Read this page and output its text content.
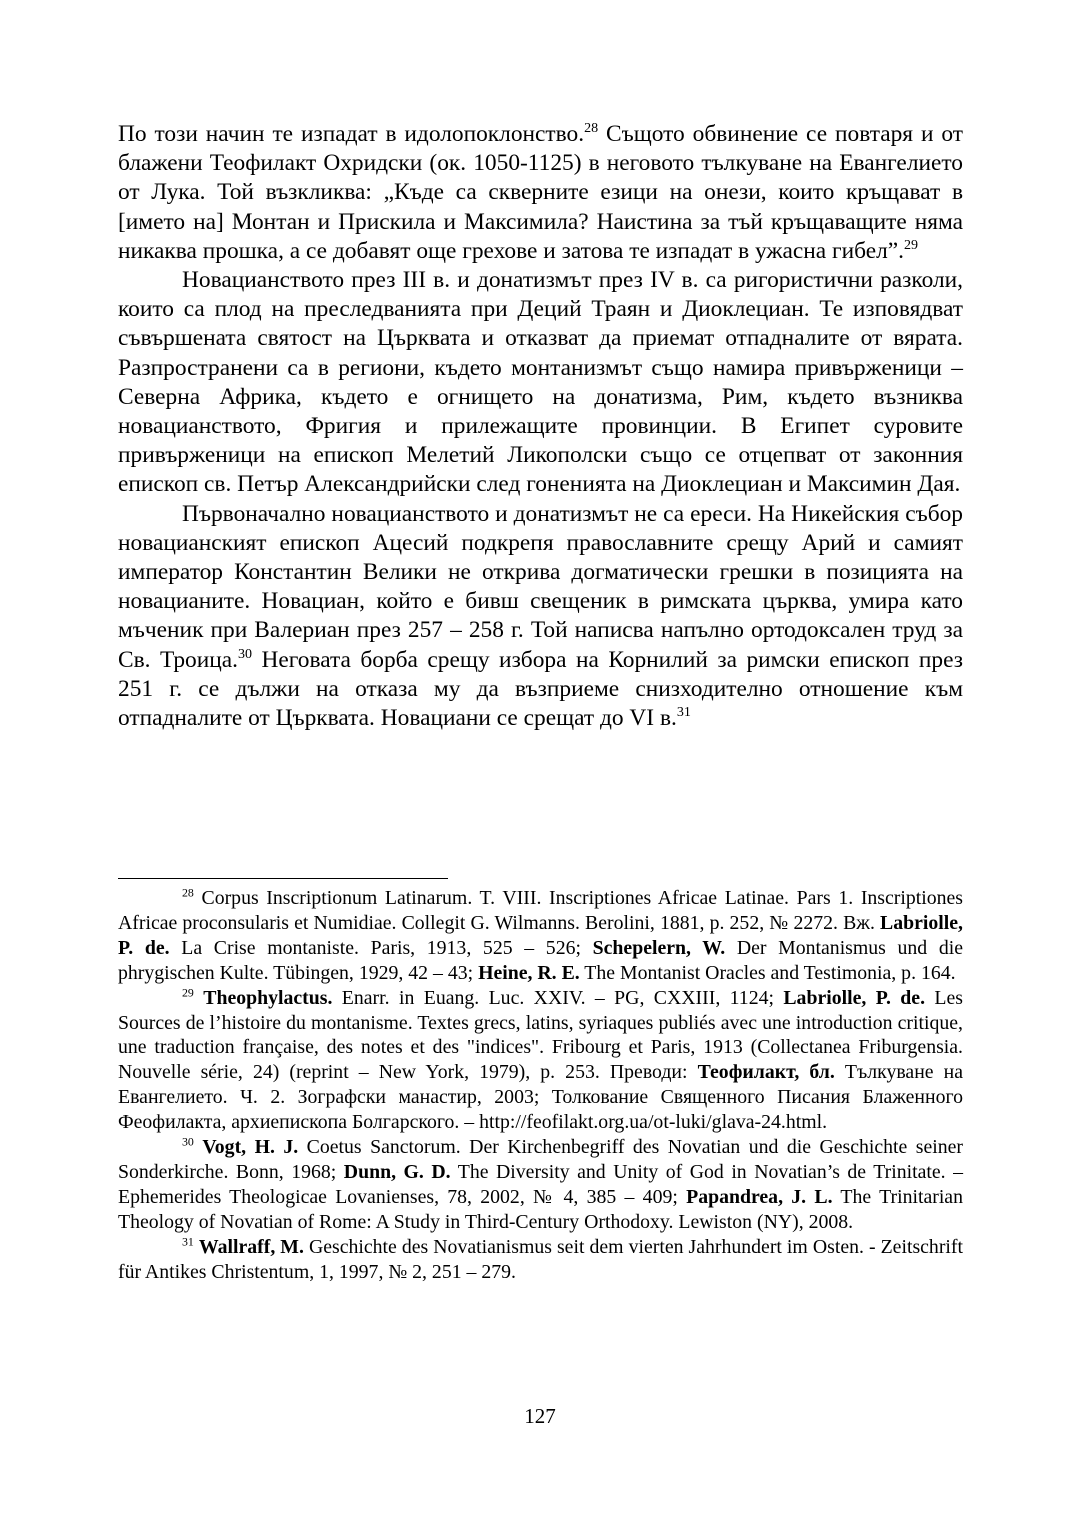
По този начин те изпадат в идолопоклонство.$^{28}$ Същото обвинение се повтаря и от блажени Теофилакт Охридски (ок. 1050-1125) в неговото тълкуване на Евангелието от Лука. Той възкликва: „Къде са скверните езици на онези, които кръщават в [името на] Монтан и Прискила и Максимила? Наистина за тъй кръщаващите няма никаква прошка, а се добавят още грехове и затова те изпадат в ужасна гибел”.$^{29}$

Новацианството през III в. и донатизмът през IV в. са ригористични разколи, които са плод на преследванията при Деций Траян и Диоклециан. Те изповядват съвършената святост на Църквата и отказват да приемат отпадналите от вярата. Разпространени са в региони, където монтанизмът също намира привърженици – Северна Африка, където е огнището на донатизма, Рим, където възниква новацианството, Фригия и прилежащите провинции. В Египет суровите привърженици на епископ Мелетий Ликополски също се отцепват от законния епископ св. Петър Александрийски след гоненията на Диоклециан и Максимин Дая.

Първоначално новацианството и донатизмът не са ереси. На Никейския събор новацианският епископ Ацесий подкрепя православните срещу Арий и самият император Константин Велики не открива догматически грешки в позицията на новацианите. Новациан, който е бивш свещеник в римската църква, умира като мъченик при Валериан през 257 – 258 г. Той написва напълно ортодоксален труд за Св. Троица.$^{30}$ Неговата борба срещу избора на Корнилий за римски епископ през 251 г. се дължи на отказа му да възприеме снизходително отношение към отпадналите от Църквата. Новациани се срещат до VI в.$^{31}$

$^{28}$ Corpus Inscriptionum Latinarum. T. VIII. Inscriptiones Africae Latinae. Pars 1. Inscriptiones Africae proconsularis et Numidiae. Collegit G. Wilmanns. Berolini, 1881, p. 252, № 2272. Вж. Labriolle, P. de. La Crise montaniste. Paris, 1913, 525 – 526; Schepelern, W. Der Montanismus und die phrygischen Kulte. Tübingen, 1929, 42 – 43; Heine, R. E. The Montanist Oracles and Testimonia, p. 164.

$^{29}$ Theophylactus. Enarr. in Euang. Luc. XXIV. – PG, CXXIII, 1124; Labriolle, P. de. Les Sources de l’histoire du montanisme. Textes grecs, latins, syriaques publiés avec une introduction critique, une traduction française, des notes et des "indices". Fribourg et Paris, 1913 (Collectanea Friburgensia. Nouvelle série, 24) (reprint – New York, 1979), p. 253. Преводи: Теофилакт, бл. Тълкуване на Евангелието. Ч. 2. Зографски манастир, 2003; Толкование Священного Писания Блаженного Феофилакта, архиепископа Болгарского. – http://feofilakt.org.ua/ot-luki/glava-24.html.

$^{30}$ Vogt, H. J. Coetus Sanctorum. Der Kirchenbegriff des Novatian und die Geschichte seiner Sonderkirche. Bonn, 1968; Dunn, G. D. The Diversity and Unity of God in Novatian’s de Trinitate. – Ephemerides Theologicae Lovanienses, 78, 2002, № 4, 385 – 409; Papandrea, J. L. The Trinitarian Theology of Novatian of Rome: A Study in Third-Century Orthodoxy. Lewiston (NY), 2008.

$^{31}$ Wallraff, M. Geschichte des Novatianismus seit dem vierten Jahrhundert im Osten. - Zeitschrift für Antikes Christentum, 1, 1997, № 2, 251 – 279.

127
